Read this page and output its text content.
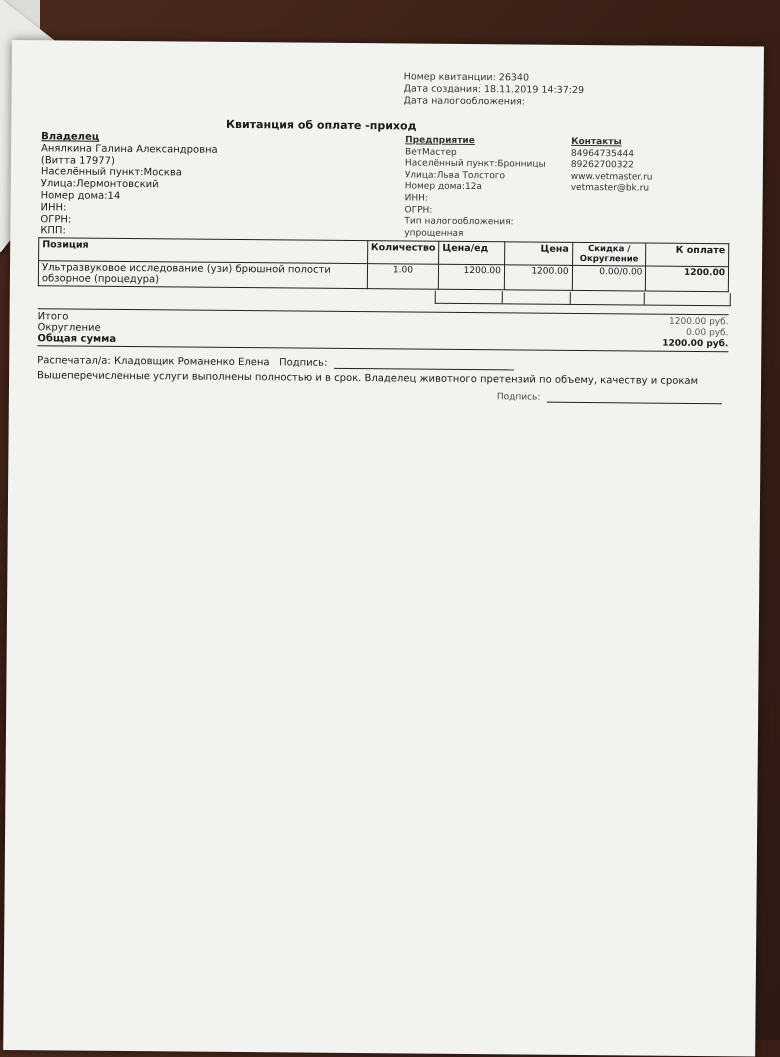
Номер квитанции: 26340
Дата создания: 18.11.2019 14:37:29
Дата налогообложения:
Квитанция об оплате -приход
Владелец
Анялкина Галина Александровна
(Витта 17977)
Населённый пункт:Москва
Улица:Лермонтовский
Номер дома:14
ИНН:
ОГРН:
КПП:
Предприятие
ВетМастер
Населённый пункт:Бронницы
Улица:Льва Толстого
Номер дома:12а
ИНН:
ОГРН:
Тип налогообложения:
упрощенная
Контакты
84964735444
89262700322
www.vetmaster.ru
vetmaster@bk.ru
Позиция	Количество	Цена/ед	Цена	Скидка / Округление	К оплате
Ультразвуковое исследование (узи) брюшной полости обзорное (процедура)	1.00	1200.00	1200.00	0.00/0.00	1200.00
Итого	1200.00 руб.
Округление	0.00 руб.
Общая сумма	1200.00 руб.
Распечатал/а: Кладовщик Романенко Елена Подпись:
Вышеперечисленные услуги выполнены полностью и в срок. Владелец животного претензий по объему, качеству и срокам
Подпись:
